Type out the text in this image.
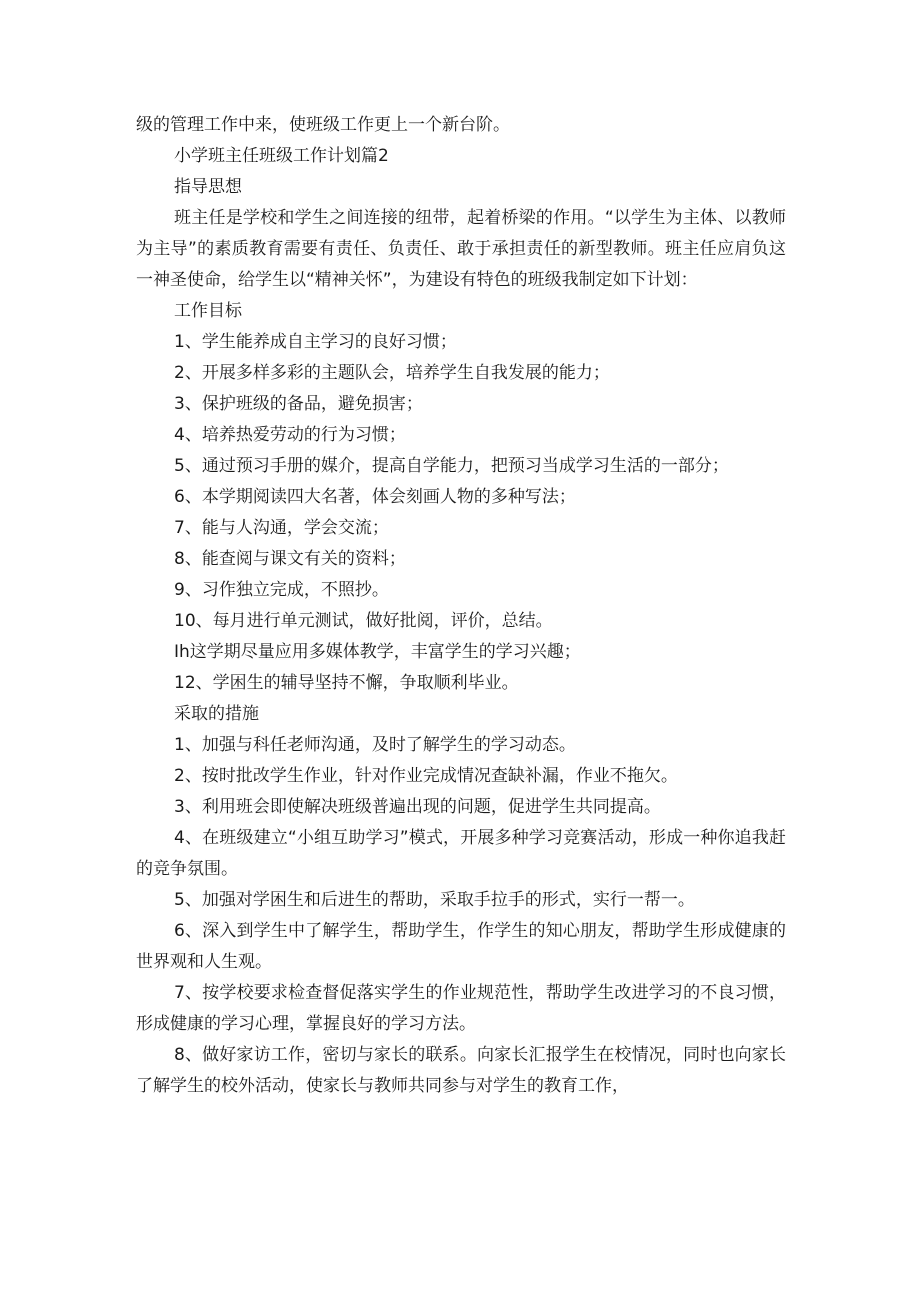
级的管理工作中来，使班级工作更上一个新台阶。

小学班主任班级工作计划篇2

指导思想

班主任是学校和学生之间连接的纽带，起着桥梁的作用。“以学生为主体、以教师为主导”的素质教育需要有责任、负责任、敢于承担责任的新型教师。班主任应肩负这一神圣使命，给学生以“精神关怀”，为建设有特色的班级我制定如下计划：

工作目标

1、学生能养成自主学习的良好习惯；

2、开展多样多彩的主题队会，培养学生自我发展的能力；

3、保护班级的备品，避免损害；

4、培养热爱劳动的行为习惯；

5、通过预习手册的媒介，提高自学能力，把预习当成学习生活的一部分；

6、本学期阅读四大名著，体会刻画人物的多种写法；

7、能与人沟通，学会交流；

8、能查阅与课文有关的资料；

9、习作独立完成，不照抄。

10、每月进行单元测试，做好批阅，评价，总结。

Ih这学期尽量应用多媒体教学，丰富学生的学习兴趣；

12、学困生的辅导坚持不懈，争取顺利毕业。

采取的措施

1、加强与科任老师沟通，及时了解学生的学习动态。

2、按时批改学生作业，针对作业完成情况查缺补漏，作业不拖欠。

3、利用班会即使解决班级普遍出现的问题，促进学生共同提高。

4、在班级建立“小组互助学习”模式，开展多种学习竞赛活动，形成一种你追我赶的竞争氛围。

5、加强对学困生和后进生的帮助，采取手拉手的形式，实行一帮一。

6、深入到学生中了解学生，帮助学生，作学生的知心朋友，帮助学生形成健康的世界观和人生观。

7、按学校要求检查督促落实学生的作业规范性，帮助学生改进学习的不良习惯，形成健康的学习心理，掌握良好的学习方法。

8、做好家访工作，密切与家长的联系。向家长汇报学生在校情况，同时也向家长了解学生的校外活动，使家长与教师共同参与对学生的教育工作，
